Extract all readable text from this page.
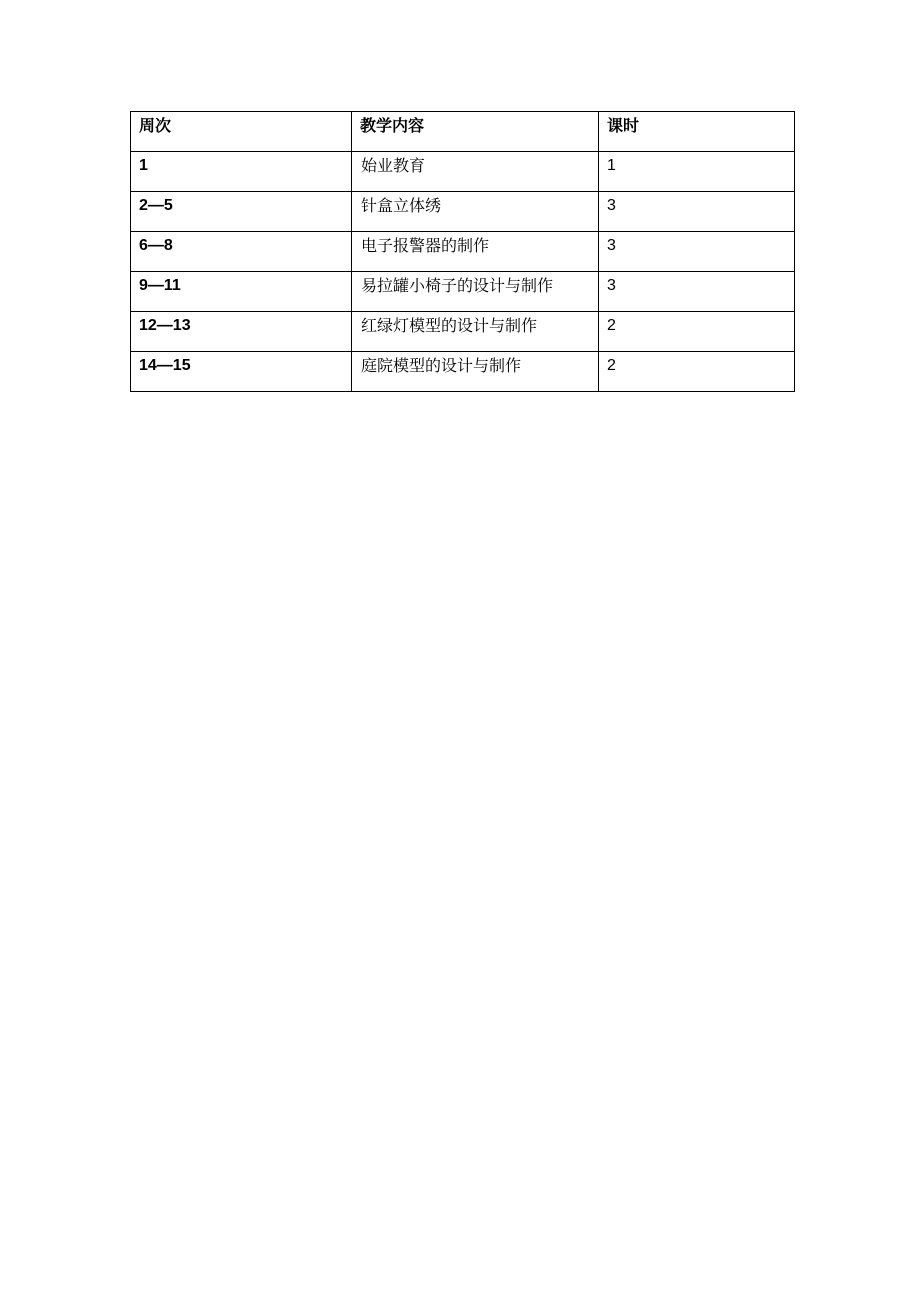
周次	教学内容	课时
1	始业教育	1
2—5	针盒立体绣	3
6—8	电子报警器的制作	3
9—11	易拉罐小椅子的设计与制作	3
12—13	红绿灯模型的设计与制作	2
14—15	庭院模型的设计与制作	2
